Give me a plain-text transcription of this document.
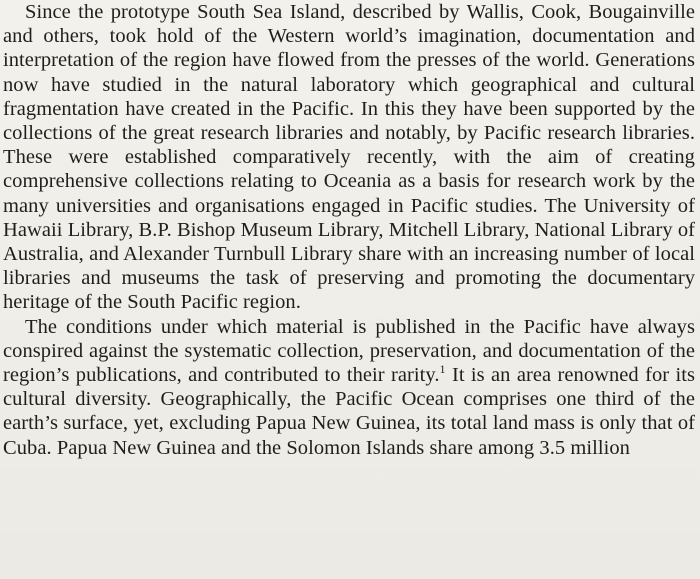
Since the prototype South Sea Island, described by Wallis, Cook, Bougainville and others, took hold of the Western world’s imagination, documentation and interpretation of the region have flowed from the presses of the world. Generations now have studied in the natural laboratory which geographical and cultural fragmentation have created in the Pacific. In this they have been supported by the collections of the great research libraries and notably, by Pacific research libraries. These were established comparatively recently, with the aim of creating comprehensive collections relating to Oceania as a basis for research work by the many universities and organisations engaged in Pacific studies. The University of Hawaii Library, B.P. Bishop Museum Library, Mitchell Library, National Library of Australia, and Alexander Turnbull Library share with an increasing number of local libraries and museums the task of preserving and promoting the documentary heritage of the South Pacific region.

The conditions under which material is published in the Pacific have always conspired against the systematic collection, preservation, and documentation of the region’s publications, and contributed to their rarity.$^1$ It is an area renowned for its cultural diversity. Geographically, the Pacific Ocean comprises one third of the earth’s surface, yet, excluding Papua New Guinea, its total land mass is only that of Cuba. Papua New Guinea and the Solomon Islands share among 3.5 million
